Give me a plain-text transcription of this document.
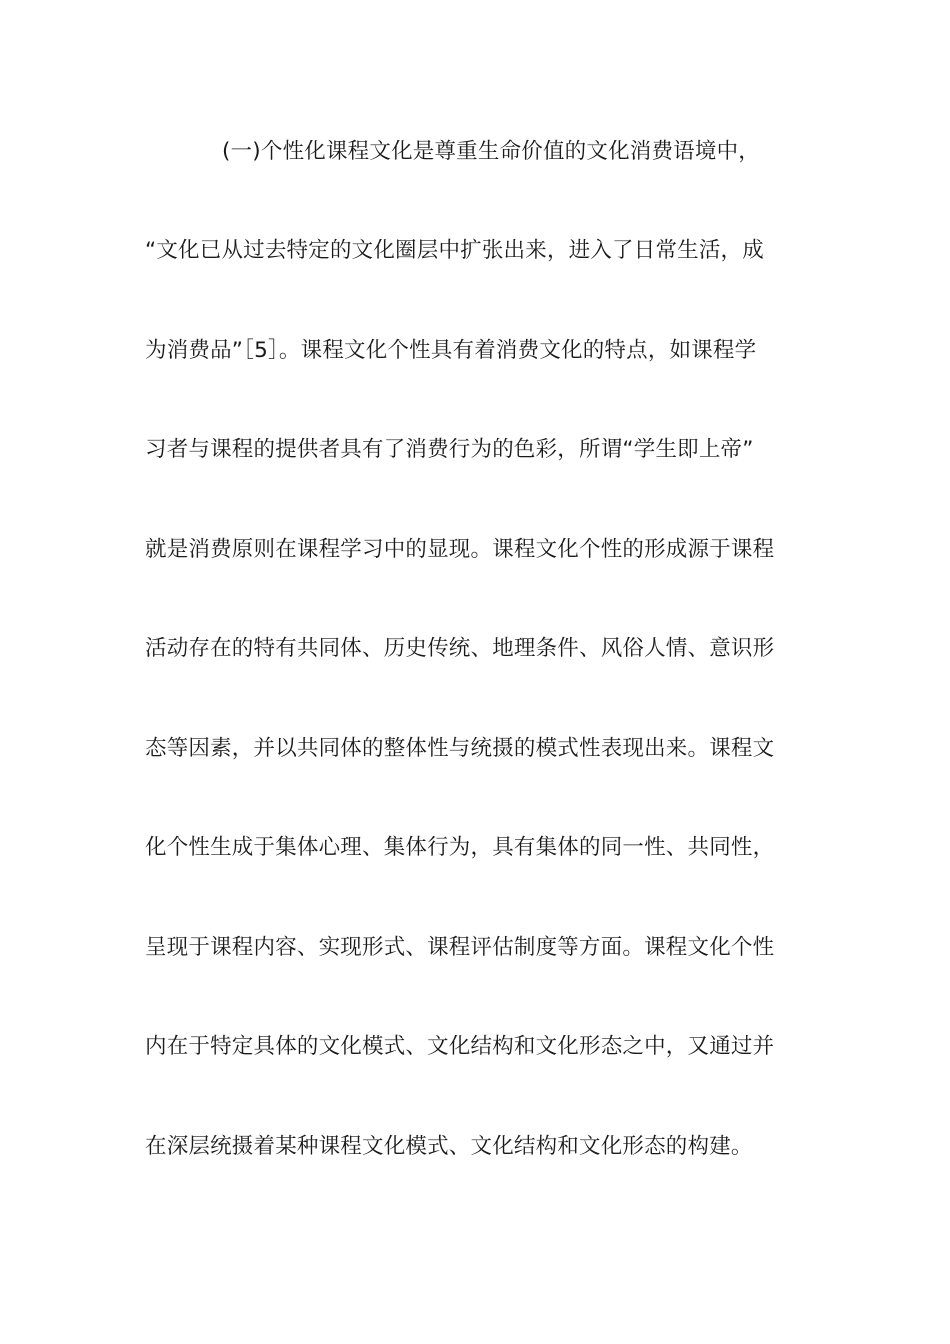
(一)个性化课程文化是尊重生命价值的文化消费语境中，
“文化已从过去特定的文化圈层中扩张出来，进入了日常生活，成
为消费品”［5］。课程文化个性具有着消费文化的特点，如课程学
习者与课程的提供者具有了消费行为的色彩，所谓“学生即上帝”
就是消费原则在课程学习中的显现。课程文化个性的形成源于课程
活动存在的特有共同体、历史传统、地理条件、风俗人情、意识形
态等因素，并以共同体的整体性与统摄的模式性表现出来。课程文
化个性生成于集体心理、集体行为，具有集体的同一性、共同性，
呈现于课程内容、实现形式、课程评估制度等方面。课程文化个性
内在于特定具体的文化模式、文化结构和文化形态之中，又通过并
在深层统摄着某种课程文化模式、文化结构和文化形态的构建。
